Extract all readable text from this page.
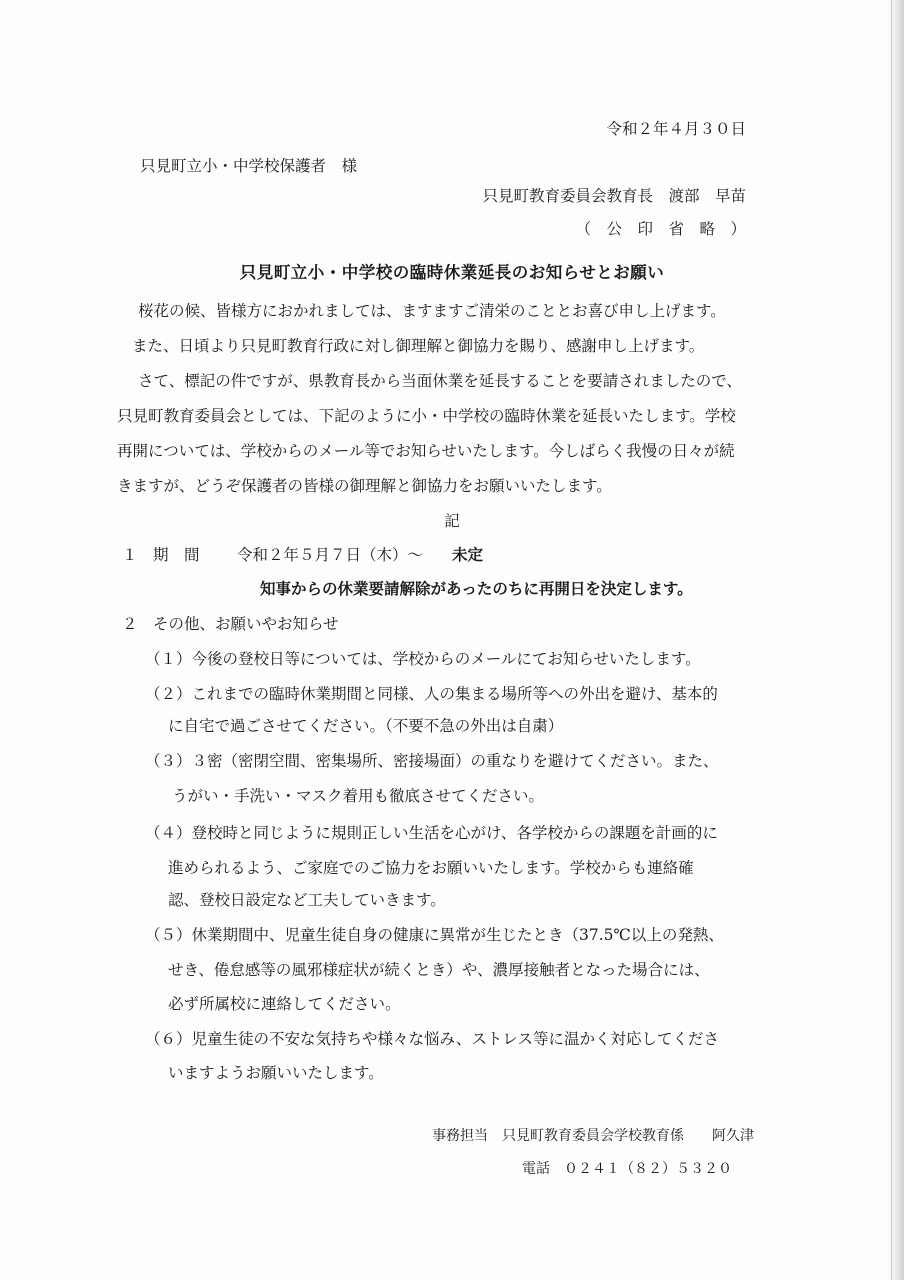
令和２年４月３０日
只見町立小・中学校保護者　様
只見町教育委員会教育長　渡部　早苗
（　公　印　省　略　）
只見町立小・中学校の臨時休業延長のお知らせとお願い
桜花の候、皆様方におかれましては、ますますご清栄のこととお喜び申し上げます。
また、日頃より只見町教育行政に対し御理解と御協力を賜り、感謝申し上げます。
さて、標記の件ですが、県教育長から当面休業を延長することを要請されましたので、
只見町教育委員会としては、下記のように小・中学校の臨時休業を延長いたします。学校
再開については、学校からのメール等でお知らせいたします。今しばらく我慢の日々が続
きますが、どうぞ保護者の皆様の御理解と御協力をお願いいたします。
記
１　期　間 令和２年５月７日（木）～ 未定
知事からの休業要請解除があったのちに再開日を決定します。
２　その他、お願いやお知らせ
（１）今後の登校日等については、学校からのメールにてお知らせいたします。
（２）これまでの臨時休業期間と同様、人の集まる場所等への外出を避け、基本的
に自宅で過ごさせてください。（不要不急の外出は自粛）
（３）３密（密閉空間、密集場所、密接場面）の重なりを避けてください。また、
うがい・手洗い・マスク着用も徹底させてください。
（４）登校時と同じように規則正しい生活を心がけ、各学校からの課題を計画的に
進められるよう、ご家庭でのご協力をお願いいたします。学校からも連絡確
認、登校日設定など工夫していきます。
（５）休業期間中、児童生徒自身の健康に異常が生じたとき（37.5℃以上の発熱、
せき、倦怠感等の風邪様症状が続くとき）や、濃厚接触者となった場合には、
必ず所属校に連絡してください。
（６）児童生徒の不安な気持ちや様々な悩み、ストレス等に温かく対応してくださ
いますようお願いいたします。
事務担当　只見町教育委員会学校教育係　　阿久津
電話　０２４１（８２）５３２０
